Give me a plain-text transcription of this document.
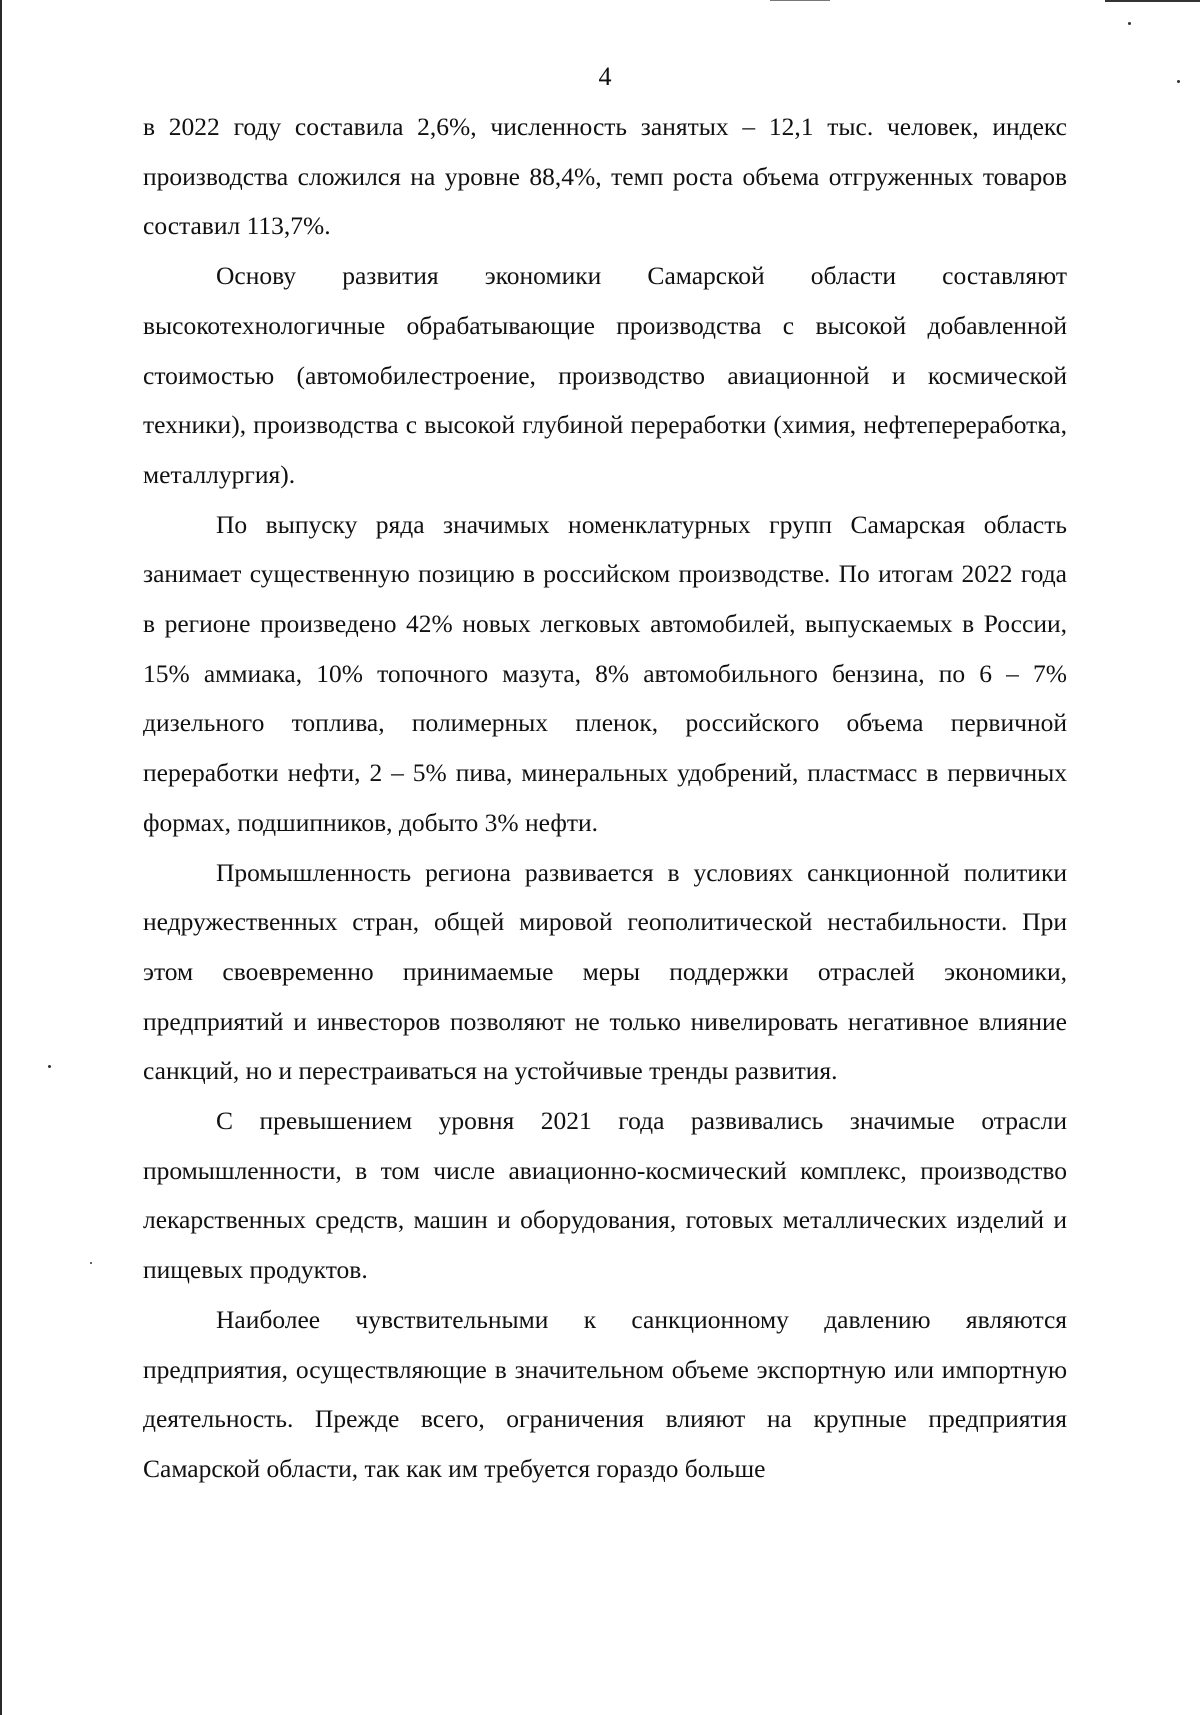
4

в 2022 году составила 2,6%, численность занятых – 12,1 тыс. человек, индекс производства сложился на уровне 88,4%, темп роста объема отгруженных товаров составил 113,7%.

Основу развития экономики Самарской области составляют высокотехнологичные обрабатывающие производства с высокой добавленной стоимостью (автомобилестроение, производство авиационной и космической техники), производства с высокой глубиной переработки (химия, нефтепереработка, металлургия).

По выпуску ряда значимых номенклатурных групп Самарская область занимает существенную позицию в российском производстве. По итогам 2022 года в регионе произведено 42% новых легковых автомобилей, выпускаемых в России, 15% аммиака, 10% топочного мазута, 8% автомобильного бензина, по 6 – 7% дизельного топлива, полимерных пленок, российского объема первичной переработки нефти, 2 – 5% пива, минеральных удобрений, пластмасс в первичных формах, подшипников, добыто 3% нефти.

Промышленность региона развивается в условиях санкционной политики недружественных стран, общей мировой геополитической нестабильности. При этом своевременно принимаемые меры поддержки отраслей экономики, предприятий и инвесторов позволяют не только нивелировать негативное влияние санкций, но и перестраиваться на устойчивые тренды развития.

С превышением уровня 2021 года развивались значимые отрасли промышленности, в том числе авиационно-космический комплекс, производство лекарственных средств, машин и оборудования, готовых металлических изделий и пищевых продуктов.

Наиболее чувствительными к санкционному давлению являются предприятия, осуществляющие в значительном объеме экспортную или импортную деятельность. Прежде всего, ограничения влияют на крупные предприятия Самарской области, так как им требуется гораздо больше
